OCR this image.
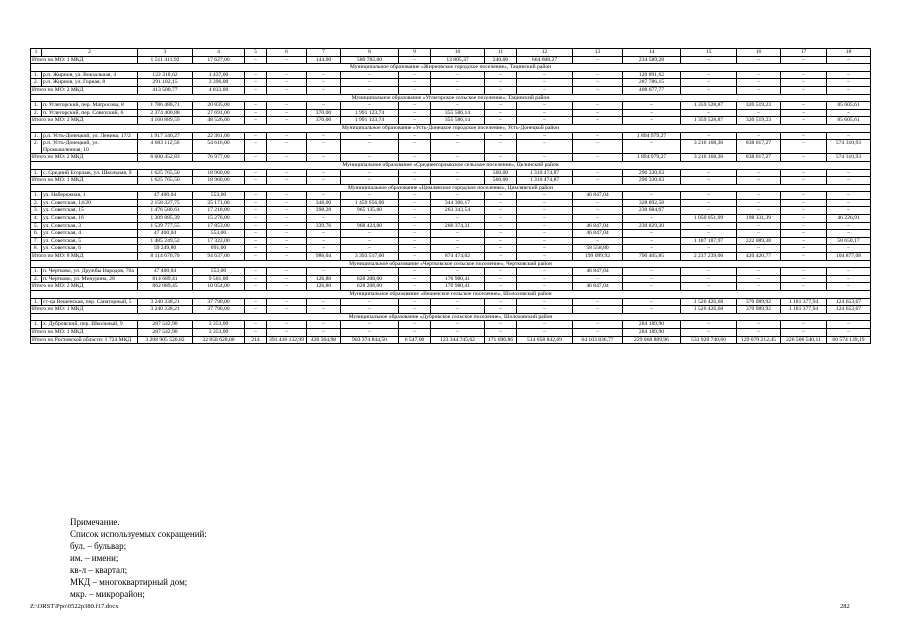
1	2	3	4	5	6	7	8	9	10	11	12	13	14	15	16	17	18
Итого по МО: 1 МКД		1 511 411,92	17 627,00	–	–	144,00	580 782,00	–	13 805,37	240,00	664 608,27	–	234 589,28	–	–	–	–
Муниципальное образование «Жирновское городское поселение», Тацинский район																	
1.	р.п. Жирнов, ул. Вокзальная, 4	122 318,62	1 437,00	–	–	–	–	–	–	–	–	–	120 891,62	–	–	–	–
2.	р.п. Жирнов, ул. Горная, 8	291 182,15	3 396,00	–	–	–	–	–	–	–	–	–	287 786,15	–	–	–	–
Итого по МО: 2 МКД		413 500,77	4 833,00	–	–	–	–	–	–	–	–	–	408 677,77	–	–	–	–
Муниципальное образование «Углегорское сельское поселение», Тацинский район																	
1.	п. Углегорский, пер. Матросова, 8	1 786 488,71	20 835,00	–	–	–	–	–	–	–	–	–	–	1 359 528,87	320 519,23	–	85 605,61
2.	п. Углегорский, пер. Советский, 6	2 374 400,88	27 691,00	–	–	370,00	1 991 123,74	–	355 586,14	–	–	–	–	–	–	–	–
Итого по МО: 2 МКД		4 160 889,59	48 526,00	–	–	370,00	1 991 123,74	–	355 586,14	–	–	–	–	1 359 528,87	320 519,23	–	85 605,61
Муниципальное образование «Усть-Донецкое городское поселение», Усть-Донецкой район																	
1.	р.п. Усть-Донецкий, ул. Ленина, 17/2	1 917 340,27	22 361,00	–	–	–	–	–	–	–	–	–	1 894 979,27	–	–	–	–
2.	р.п. Усть-Донецкий, ул. Промышленная, 10	4 683 112,56	54 616,00	–	–	–	–	–	–	–	–	–	–	3 216 168,36	838 017,27	–	574 310,93
Итого по МО: 2 МКД		6 600 452,83	76 977,00	–	–	–	–	–	–	–	–	–	1 894 979,27	3 216 168,36	838 017,27	–	574 310,93
Муниципальное образование «Среднеегорлыкское сельское поселение», Целинский район																	
1.	с. Средний Егорлык, ул. Школьная, 9	1 625 765,50	18 960,00	–	–	–	–	–	–	560,00	1 310 474,87	–	296 330,63	–	–	–	–
Итого по МО: 1 МКД		1 625 765,50	18 960,00	–	–	–	–	–	–	560,00	1 310 474,87	–	296 330,63	–	–	–	–
Муниципальное образование «Цимлянское городское поселение», Цимлянский район																	
1.	ул. Набережная, 1	47 400,04	553,00	–	–	–	–	–	–	–	–	46 847,04	–	–	–	–	–
2.	ул. Советская, 14/20	2 158 327,75	25 171,00	–	–	348,00	1 459 956,00	–	344 306,17	–	–	–	328 892,58	–	–	–	–
3.	ул. Советская, 15	1 476 580,61	17 218,00	–	–	398,28	965 135,00	–	263 343,54	–	–	–	230 684,07	–	–	–	–
4.	ул. Советская, 16	1 309 885,39	15 276,00	–	–	–	–	–	–	–	–	–	–	1 050 051,09	198 331,39	–	46 226,91
5.	ул. Советская, 3	1 539 777,55	17 853,00	–	–	339,76	968 424,00	–	266 374,31	–	–	46 847,04	230 829,20	–	–	–	–
6.	ул. Советская, 4	47 400,04	553,00	–	–	–	–	–	–	–	–	46 847,04	–	–	–	–	–
7.	ул. Советская, 5	1 485 249,52	17 322,00	–	–	–	–	–	–	–	–	–	–	1 187 187,97	222 089,38	–	58 650,17
8.	ул. Советская, 6	59 249,80	691,00	–	–	–	–	–	–	–	–	58 558,80	–	–	–	–	–
Итого по МО: 8 МКД		8 114 670,70	94 637,00	–	–	986,04	3 393 517,00	–	874 474,02	–	–	199 099,92	790 405,85	2 237 239,06	420 420,77	–	104 877,08
Муниципальное образование «Чертковское сельское поселение», Чертковский район																	
1.	п. Чертково, ул. Дружбы Народов, 76а	47 400,04	553,00	–	–	–	–	–	–	–	–	46 847,04	–	–	–	–	–
2.	п. Чертково, ул. Мичурина, 28	814 689,41	9 501,00	–	–	126,80	628 208,00	–	176 980,41	–	–	–	–	–	–	–	–
Итого по МО: 2 МКД		862 089,45	10 054,00	–	–	126,80	628 208,00	–	176 980,41	–	–	46 847,04	–	–	–	–	–
Муниципальное образование «Вешенское сельское поселение», Шолоховский район																	
1.	ст-ца Вешенская, пер. Санаторный, 5	3 240 338,21	37 790,00	–	–	–	–	–	–	–	–	–	–	1 526 426,68	370 089,92	1 181 377,94	124 653,67
Итого по МО: 1 МКД		3 240 338,21	37 790,00	–	–	–	–	–	–	–	–	–	–	1 526 426,68	370 089,92	1 181 377,94	124 653,67
Муниципальное образование «Дубровское сельское поселение», Шолоховский район																	
1.	х. Дубровский, пер. Школьный, 9	287 542,90	3 353,00	–	–	–	–	–	–	–	–	–	284 189,90	–	–	–	–
Итого по МО: 1 МКД		287 542,90	3 353,00	–	–	–	–	–	–	–	–	–	284 189,90	–	–	–	–
Итого по Ростовской области: 1 724 МКД		3 208 905 526,82	32 858 628,00	214	391 416 132,99	430 364,98	903 374 844,50	6 547,00	123 344 745,62	171 696,86	514 058 842,69	64 103 836,77	229 068 889,96	533 928 740,60	129 070 212,45	226 506 540,11	60 574 139,19
Примечание.
Список используемых сокращений:
бул. – бульвар;
им. – имени;
кв-л – квартал;
МКД – многоквартирный дом;
мкр. – микрорайон;
Z:\ORST\Ppo\0522p380.f17.docx	282
